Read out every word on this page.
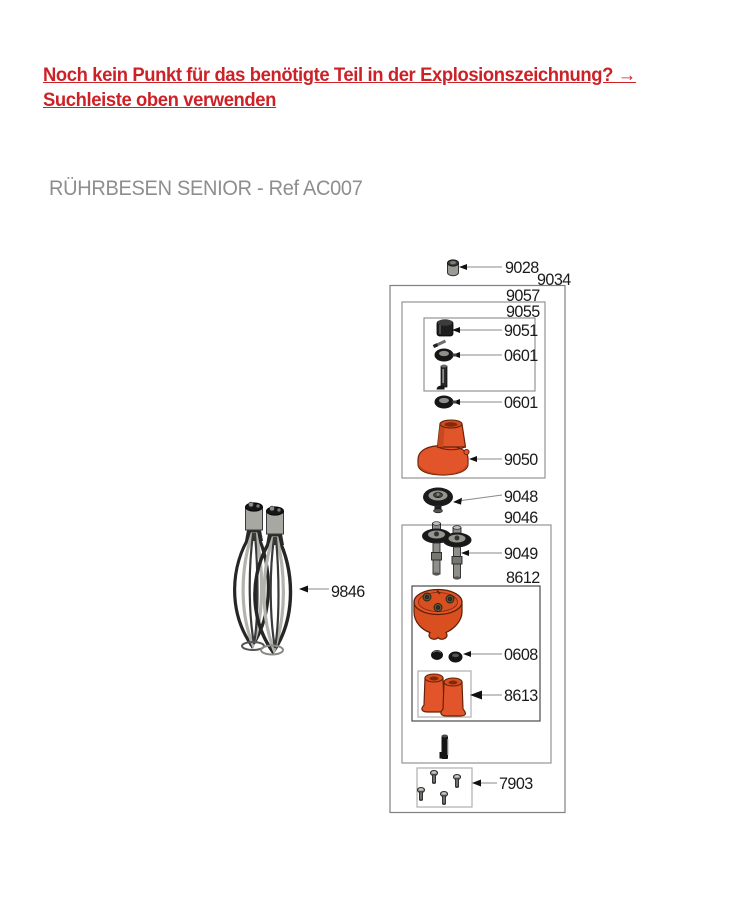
Noch kein Punkt für das benötigte Teil in der Explosionszeichnung? →
Suchleiste oben verwenden
RÜHRBESEN SENIOR - Ref AC007
9028
9034
9057
9055
9051
0601
0601
9050
9048
9046
9049
8612
0608
8613
7903
9846
